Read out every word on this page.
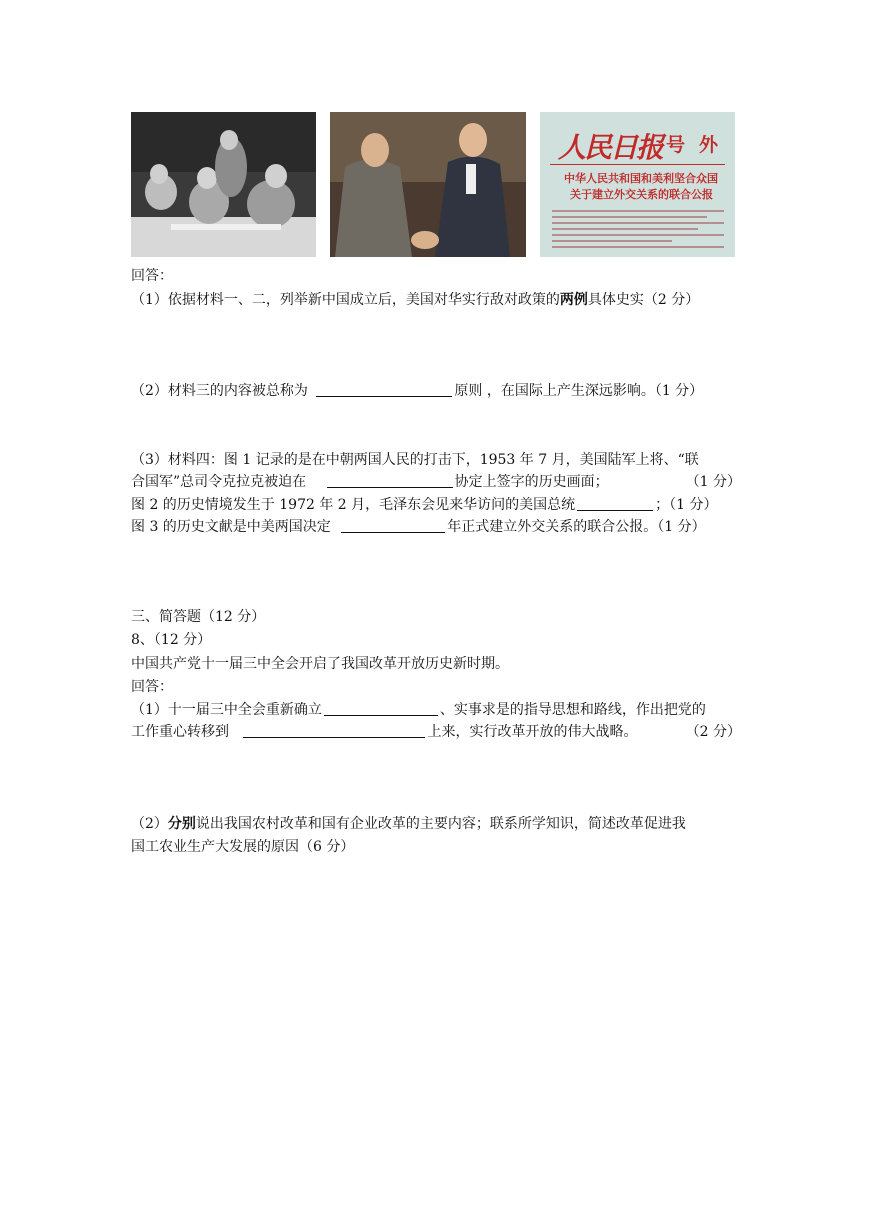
人民日报 号外
中华人民共和国和美利坚合众国
关于建立外交关系的联合公报
回答：
（1）依据材料一、二，列举新中国成立后，美国对华实行敌对政策的两例具体史实（2 分）
（2）材料三的内容被总称为	原则 ，在国际上产生深远影响。（1 分）
（3）材料四：图 1 记录的是在中朝两国人民的打击下，1953 年 7 月，美国陆军上将、“联
合国军”总司令克拉克被迫在	协定上签字的历史画面；	（1 分）
图 2 的历史情境发生于 1972 年 2 月，毛泽东会见来华访问的美国总统	；（1 分）
图 3 的历史文献是中美两国决定	年正式建立外交关系的联合公报。（1 分）
三、简答题（12 分）
8、（12 分）
中国共产党十一届三中全会开启了我国改革开放历史新时期。
回答：
（1）十一届三中全会重新确立	、实事求是的指导思想和路线，作出把党的
工作重心转移到	上来，实行改革开放的伟大战略。	（2 分）
（2）分别说出我国农村改革和国有企业改革的主要内容；联系所学知识，简述改革促进我
国工农业生产大发展的原因（6 分）
